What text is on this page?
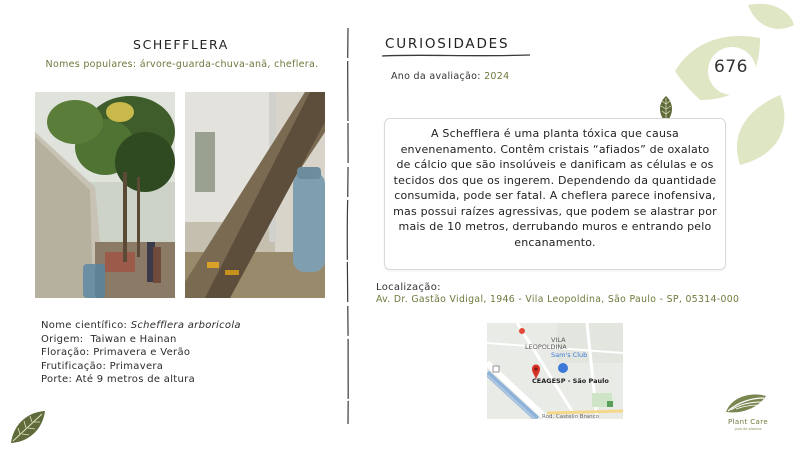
SCHEFFLERA
Nomes populares: árvore-guarda-chuva-anã, cheflera.
Nome científico: Schefflera arboricola
Origem: Taiwan e Hainan
Floração: Primavera e Verão
Frutificação: Primavera
Porte: Até 9 metros de altura
CURIOSIDADES
Ano da avaliação: 2024
A Schefflera é uma planta tóxica que causa envenenamento. Contêm cristais “afiados” de oxalato de cálcio que são insolúveis e danificam as células e os tecidos dos que os ingerem. Dependendo da quantidade consumida, pode ser fatal. A cheflera parece inofensiva, mas possui raízes agressivas, que podem se alastrar por mais de 10 metros, derrubando muros e entrando pelo encanamento.
Localização:
Av. Dr. Gastão Vidigal, 1946 - Vila Leopoldina, São Paulo - SP, 05314-000
VILA
LEOPOLDINA
Sam's Club
CEAGESP - São Paulo
Rod. Castello Branco
676
Plant Care
guia de plantas
